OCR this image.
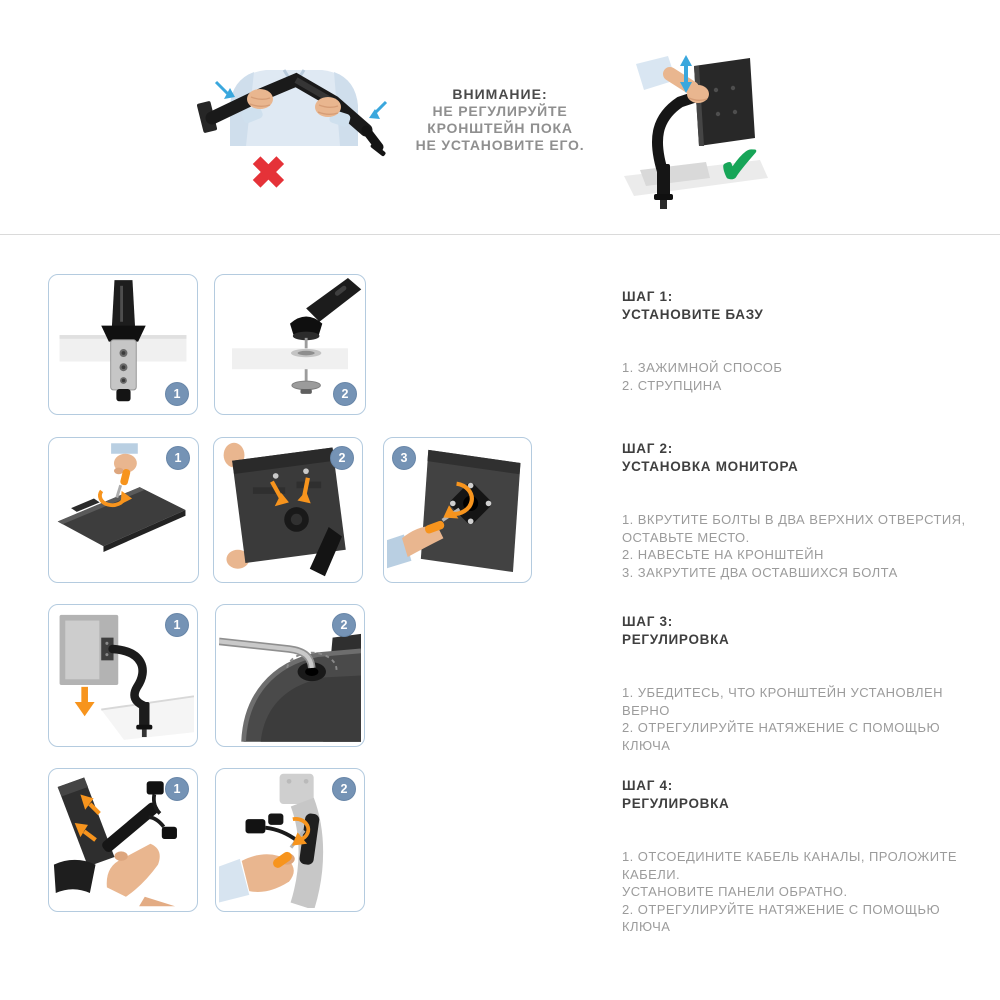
✖
ВНИМАНИЕ:
НЕ РЕГУЛИРУЙТЕ
КРОНШТЕЙН ПОКА
НЕ УСТАНОВИТЕ ЕГО.	✔
1	2
1	2	3
1	2
1	2
ШАГ 1:
УСТАНОВИТЕ БАЗУ
1. ЗАЖИМНОЙ СПОСОБ
2. СТРУПЦИНА
ШАГ 2:
УСТАНОВКА МОНИТОРА
1. ВКРУТИТЕ БОЛТЫ В ДВА ВЕРХНИХ ОТВЕРСТИЯ,
ОСТАВЬТЕ МЕСТО.
2. НАВЕСЬТЕ НА КРОНШТЕЙН
3. ЗАКРУТИТЕ ДВА ОСТАВШИХСЯ БОЛТА
ШАГ 3:
РЕГУЛИРОВКА
1. УБЕДИТЕСЬ, ЧТО КРОНШТЕЙН УСТАНОВЛЕН ВЕРНО
2. ОТРЕГУЛИРУЙТЕ НАТЯЖЕНИЕ С ПОМОЩЬЮ КЛЮЧА
ШАГ 4:
РЕГУЛИРОВКА
1. ОТСОЕДИНИТЕ КАБЕЛЬ КАНАЛЫ, ПРОЛОЖИТЕ
КАБЕЛИ.
УСТАНОВИТЕ ПАНЕЛИ ОБРАТНО.
2. ОТРЕГУЛИРУЙТЕ НАТЯЖЕНИЕ С ПОМОЩЬЮ
КЛЮЧА
